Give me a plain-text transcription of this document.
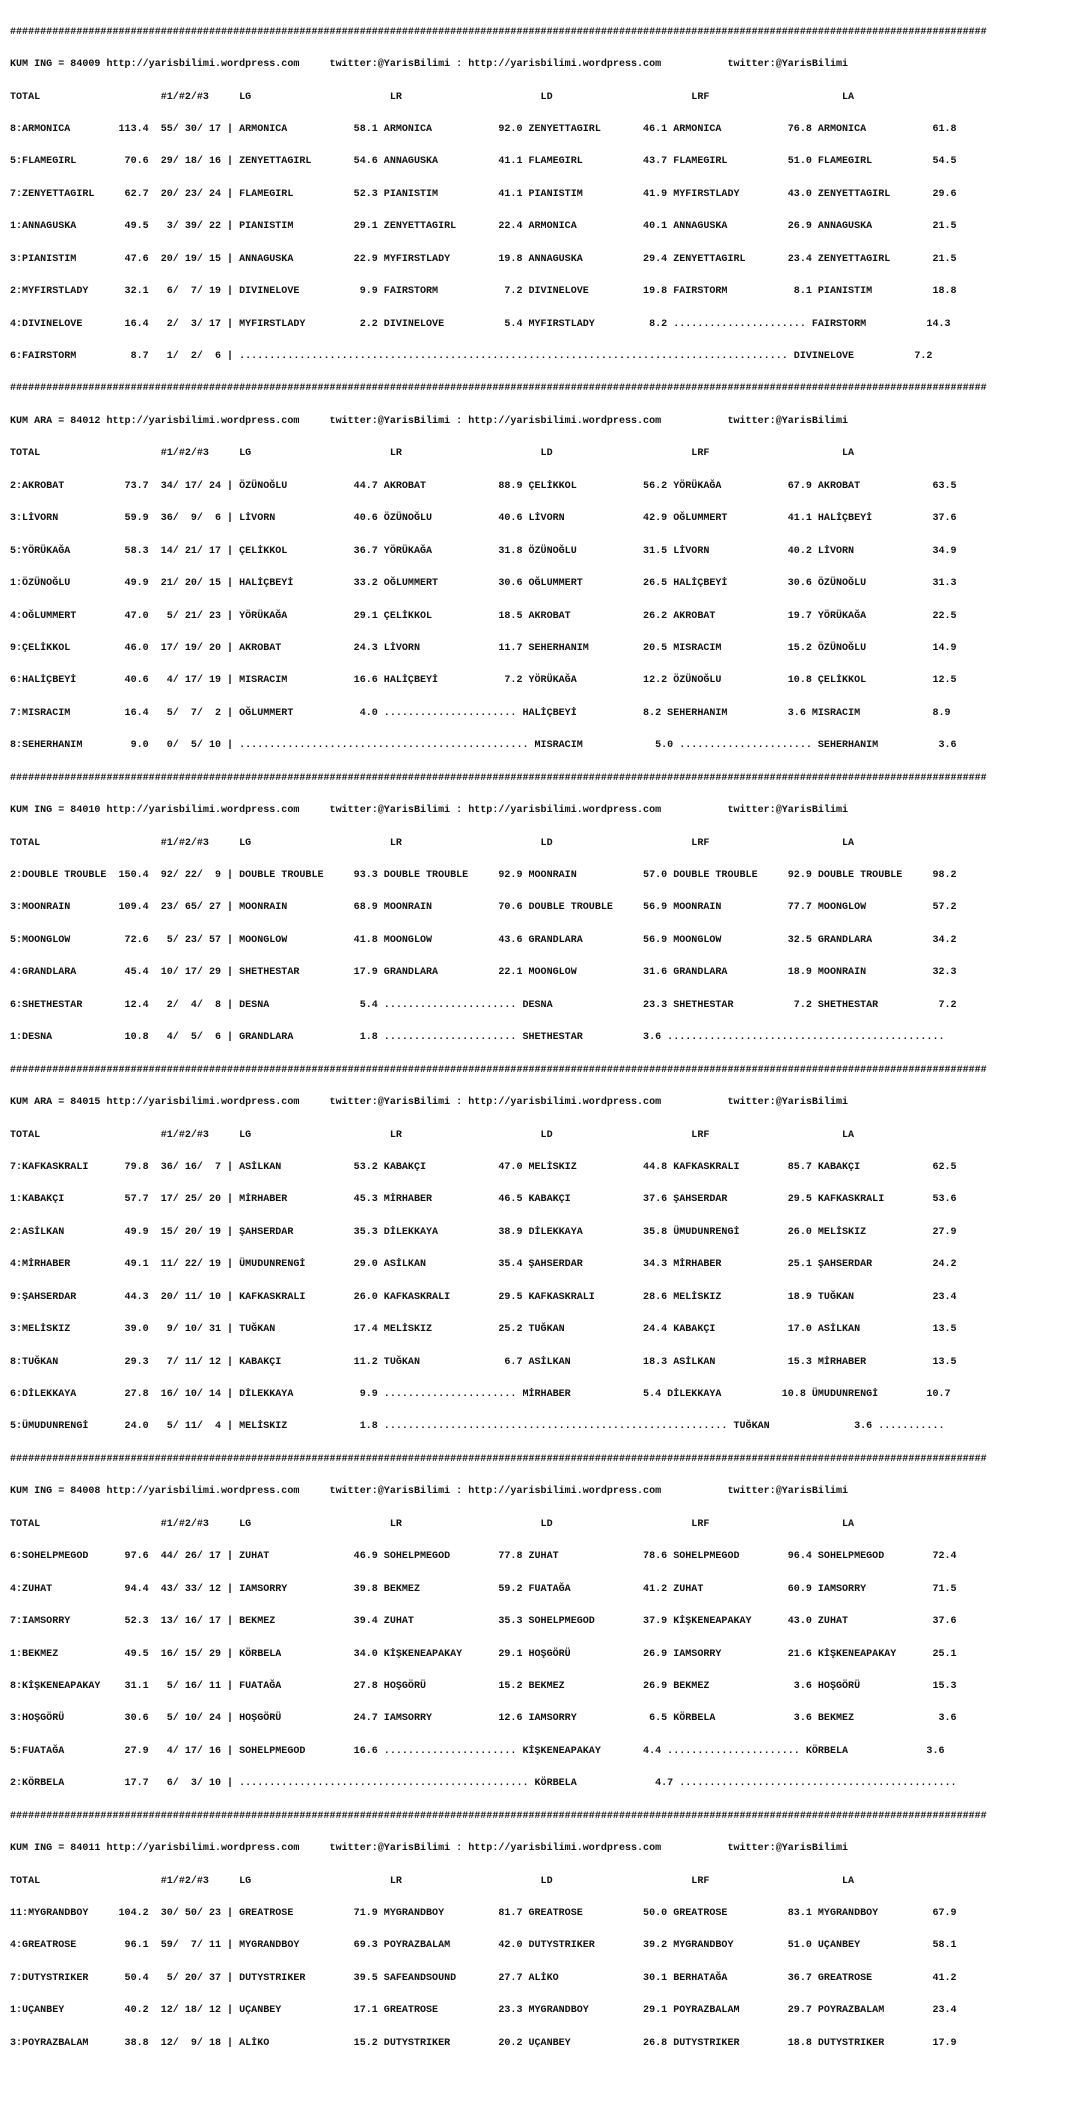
##################################################################################################################################################################

KUM ING = 84009 http://yarisbilimi.wordpress.com     twitter:@YarisBilimi : http://yarisbilimi.wordpress.com           twitter:@YarisBilimi

TOTAL                    #1/#2/#3     LG                       LR                       LD                       LRF                      LA

8:ARMONICA        113.4  55/ 30/ 17 | ARMONICA           58.1 ARMONICA           92.0 ZENYETTAGIRL       46.1 ARMONICA           76.8 ARMONICA           61.8

5:FLAMEGIRL        70.6  29/ 18/ 16 | ZENYETTAGIRL       54.6 ANNAGUSKA          41.1 FLAMEGIRL          43.7 FLAMEGIRL          51.0 FLAMEGIRL          54.5

7:ZENYETTAGIRL     62.7  20/ 23/ 24 | FLAMEGIRL          52.3 PIANISTIM          41.1 PIANISTIM          41.9 MYFIRSTLADY        43.0 ZENYETTAGIRL       29.6

1:ANNAGUSKA        49.5   3/ 39/ 22 | PIANISTIM          29.1 ZENYETTAGIRL       22.4 ARMONICA           40.1 ANNAGUSKA          26.9 ANNAGUSKA          21.5

3:PIANISTIM        47.6  20/ 19/ 15 | ANNAGUSKA          22.9 MYFIRSTLADY        19.8 ANNAGUSKA          29.4 ZENYETTAGIRL       23.4 ZENYETTAGIRL       21.5

2:MYFIRSTLADY      32.1   6/  7/ 19 | DIVINELOVE          9.9 FAIRSTORM           7.2 DIVINELOVE         19.8 FAIRSTORM           8.1 PIANISTIM          18.8

4:DIVINELOVE       16.4   2/  3/ 17 | MYFIRSTLADY         2.2 DIVINELOVE          5.4 MYFIRSTLADY         8.2 ...................... FAIRSTORM          14.3

6:FAIRSTORM         8.7   1/  2/  6 | ........................................................................................... DIVINELOVE          7.2

##################################################################################################################################################################

KUM ARA = 84012 http://yarisbilimi.wordpress.com     twitter:@YarisBilimi : http://yarisbilimi.wordpress.com           twitter:@YarisBilimi

TOTAL                    #1/#2/#3     LG                       LR                       LD                       LRF                      LA

2:AKROBAT          73.7  34/ 17/ 24 | ÖZÜNOĞLU           44.7 AKROBAT            88.9 ÇELİKKOL           56.2 YÖRÜKAĞA           67.9 AKROBAT            63.5

3:LİVORN           59.9  36/  9/  6 | LİVORN             40.6 ÖZÜNOĞLU           40.6 LİVORN             42.9 OĞLUMMERT          41.1 HALİÇBEYİ          37.6

5:YÖRÜKAĞA         58.3  14/ 21/ 17 | ÇELİKKOL           36.7 YÖRÜKAĞA           31.8 ÖZÜNOĞLU           31.5 LİVORN             40.2 LİVORN             34.9

1:ÖZÜNOĞLU         49.9  21/ 20/ 15 | HALİÇBEYİ          33.2 OĞLUMMERT          30.6 OĞLUMMERT          26.5 HALİÇBEYİ          30.6 ÖZÜNOĞLU           31.3

4:OĞLUMMERT        47.0   5/ 21/ 23 | YÖRÜKAĞA           29.1 ÇELİKKOL           18.5 AKROBAT            26.2 AKROBAT            19.7 YÖRÜKAĞA           22.5

9:ÇELİKKOL         46.0  17/ 19/ 20 | AKROBAT            24.3 LİVORN             11.7 SEHERHANIM         20.5 MISRACIM           15.2 ÖZÜNOĞLU           14.9

6:HALİÇBEYİ        40.6   4/ 17/ 19 | MISRACIM           16.6 HALİÇBEYİ           7.2 YÖRÜKAĞA           12.2 ÖZÜNOĞLU           10.8 ÇELİKKOL           12.5

7:MISRACIM         16.4   5/  7/  2 | OĞLUMMERT           4.0 ...................... HALİÇBEYİ           8.2 SEHERHANIM          3.6 MISRACIM            8.9

8:SEHERHANIM        9.0   0/  5/ 10 | ................................................ MISRACIM            5.0 ...................... SEHERHANIM          3.6

##################################################################################################################################################################

KUM ING = 84010 http://yarisbilimi.wordpress.com     twitter:@YarisBilimi : http://yarisbilimi.wordpress.com           twitter:@YarisBilimi

TOTAL                    #1/#2/#3     LG                       LR                       LD                       LRF                      LA

2:DOUBLE TROUBLE  150.4  92/ 22/  9 | DOUBLE TROUBLE     93.3 DOUBLE TROUBLE     92.9 MOONRAIN           57.0 DOUBLE TROUBLE     92.9 DOUBLE TROUBLE     98.2

3:MOONRAIN        109.4  23/ 65/ 27 | MOONRAIN           68.9 MOONRAIN           70.6 DOUBLE TROUBLE     56.9 MOONRAIN           77.7 MOONGLOW           57.2

5:MOONGLOW         72.6   5/ 23/ 57 | MOONGLOW           41.8 MOONGLOW           43.6 GRANDLARA          56.9 MOONGLOW           32.5 GRANDLARA          34.2

4:GRANDLARA        45.4  10/ 17/ 29 | SHETHESTAR         17.9 GRANDLARA          22.1 MOONGLOW           31.6 GRANDLARA          18.9 MOONRAIN           32.3

6:SHETHESTAR       12.4   2/  4/  8 | DESNA               5.4 ...................... DESNA               23.3 SHETHESTAR          7.2 SHETHESTAR          7.2

1:DESNA            10.8   4/  5/  6 | GRANDLARA           1.8 ...................... SHETHESTAR          3.6 ..............................................

##################################################################################################################################################################

KUM ARA = 84015 http://yarisbilimi.wordpress.com     twitter:@YarisBilimi : http://yarisbilimi.wordpress.com           twitter:@YarisBilimi

TOTAL                    #1/#2/#3     LG                       LR                       LD                       LRF                      LA

7:KAFKASKRALI      79.8  36/ 16/  7 | ASİLKAN            53.2 KABAKÇI            47.0 MELİSKIZ           44.8 KAFKASKRALI        85.7 KABAKÇI            62.5

1:KABAKÇI          57.7  17/ 25/ 20 | MİRHABER           45.3 MİRHABER           46.5 KABAKÇI            37.6 ŞAHSERDAR          29.5 KAFKASKRALI        53.6

2:ASİLKAN          49.9  15/ 20/ 19 | ŞAHSERDAR          35.3 DİLEKKAYA          38.9 DİLEKKAYA          35.8 ÜMUDUNRENGİ        26.0 MELİSKIZ           27.9

4:MİRHABER         49.1  11/ 22/ 19 | ÜMUDUNRENGİ        29.0 ASİLKAN            35.4 ŞAHSERDAR          34.3 MİRHABER           25.1 ŞAHSERDAR          24.2

9:ŞAHSERDAR        44.3  20/ 11/ 10 | KAFKASKRALI        26.0 KAFKASKRALI        29.5 KAFKASKRALI        28.6 MELİSKIZ           18.9 TUĞKAN             23.4

3:MELİSKIZ         39.0   9/ 10/ 31 | TUĞKAN             17.4 MELİSKIZ           25.2 TUĞKAN             24.4 KABAKÇI            17.0 ASİLKAN            13.5

8:TUĞKAN           29.3   7/ 11/ 12 | KABAKÇI            11.2 TUĞKAN              6.7 ASİLKAN            18.3 ASİLKAN            15.3 MİRHABER           13.5

6:DİLEKKAYA        27.8  16/ 10/ 14 | DİLEKKAYA           9.9 ...................... MİRHABER            5.4 DİLEKKAYA          10.8 ÜMUDUNRENGİ        10.7

5:ÜMUDUNRENGİ      24.0   5/ 11/  4 | MELİSKIZ            1.8 ......................................................... TUĞKAN              3.6 ...........

##################################################################################################################################################################

KUM ING = 84008 http://yarisbilimi.wordpress.com     twitter:@YarisBilimi : http://yarisbilimi.wordpress.com           twitter:@YarisBilimi

TOTAL                    #1/#2/#3     LG                       LR                       LD                       LRF                      LA

6:SOHELPMEGOD      97.6  44/ 26/ 17 | ZUHAT              46.9 SOHELPMEGOD        77.8 ZUHAT              78.6 SOHELPMEGOD        96.4 SOHELPMEGOD        72.4

4:ZUHAT            94.4  43/ 33/ 12 | IAMSORRY           39.8 BEKMEZ             59.2 FUATAĞA            41.2 ZUHAT              60.9 IAMSORRY           71.5

7:IAMSORRY         52.3  13/ 16/ 17 | BEKMEZ             39.4 ZUHAT              35.3 SOHELPMEGOD        37.9 KİŞKENEAPAKAY      43.0 ZUHAT              37.6

1:BEKMEZ           49.5  16/ 15/ 29 | KÖRBELA            34.0 KİŞKENEAPAKAY      29.1 HOŞGÖRÜ            26.9 IAMSORRY           21.6 KİŞKENEAPAKAY      25.1

8:KİŞKENEAPAKAY    31.1   5/ 16/ 11 | FUATAĞA            27.8 HOŞGÖRÜ            15.2 BEKMEZ             26.9 BEKMEZ              3.6 HOŞGÖRÜ            15.3

3:HOŞGÖRÜ          30.6   5/ 10/ 24 | HOŞGÖRÜ            24.7 IAMSORRY           12.6 IAMSORRY            6.5 KÖRBELA             3.6 BEKMEZ              3.6

5:FUATAĞA          27.9   4/ 17/ 16 | SOHELPMEGOD        16.6 ...................... KİŞKENEAPAKAY       4.4 ...................... KÖRBELA             3.6

2:KÖRBELA          17.7   6/  3/ 10 | ................................................ KÖRBELA             4.7 ..............................................

##################################################################################################################################################################

KUM ING = 84011 http://yarisbilimi.wordpress.com     twitter:@YarisBilimi : http://yarisbilimi.wordpress.com           twitter:@YarisBilimi

TOTAL                    #1/#2/#3     LG                       LR                       LD                       LRF                      LA

11:MYGRANDBOY     104.2  30/ 50/ 23 | GREATROSE          71.9 MYGRANDBOY         81.7 GREATROSE          50.0 GREATROSE          83.1 MYGRANDBOY         67.9

4:GREATROSE        96.1  59/  7/ 11 | MYGRANDBOY         69.3 POYRAZBALAM        42.0 DUTYSTRIKER        39.2 MYGRANDBOY         51.0 UÇANBEY            58.1

7:DUTYSTRIKER      50.4   5/ 20/ 37 | DUTYSTRIKER        39.5 SAFEANDSOUND       27.7 ALİKO              30.1 BERHATAĞA          36.7 GREATROSE          41.2

1:UÇANBEY          40.2  12/ 18/ 12 | UÇANBEY            17.1 GREATROSE          23.3 MYGRANDBOY         29.1 POYRAZBALAM        29.7 POYRAZBALAM        23.4

3:POYRAZBALAM      38.8  12/  9/ 18 | ALİKO              15.2 DUTYSTRIKER        20.2 UÇANBEY            26.8 DUTYSTRIKER        18.8 DUTYSTRIKER        17.9
